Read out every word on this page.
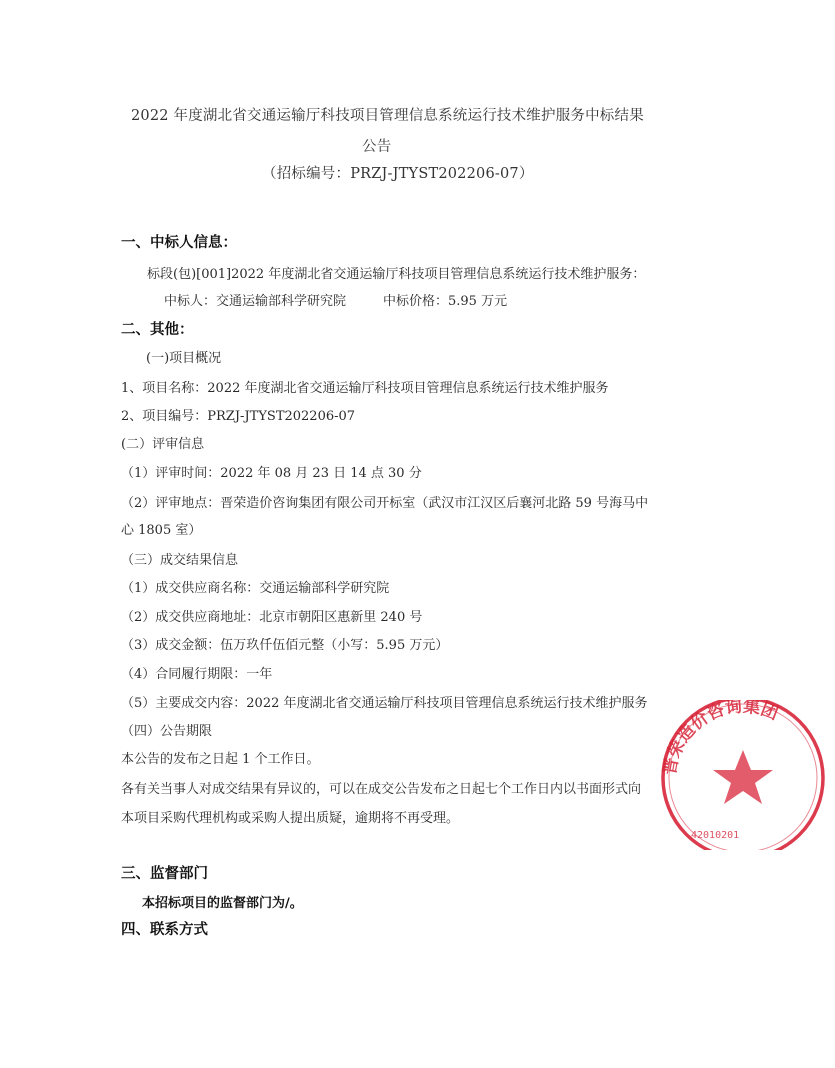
2022 年度湖北省交通运输厅科技项目管理信息系统运行技术维护服务中标结果
公告
（招标编号：PRZJ-JTYST202206-07）
一、中标人信息：
标段(包)[001]2022 年度湖北省交通运输厅科技项目管理信息系统运行技术维护服务：
中标人：交通运输部科学研究院	中标价格：5.95 万元
二、其他：
(一)项目概况
1、项目名称：2022 年度湖北省交通运输厅科技项目管理信息系统运行技术维护服务
2、项目编号：PRZJ-JTYST202206-07
(二）评审信息
（1）评审时间：2022 年 08 月 23 日 14 点 30 分
（2）评审地点：晋荣造价咨询集团有限公司开标室（武汉市江汉区后襄河北路 59 号海马中
心 1805 室）
（三）成交结果信息
（1）成交供应商名称：交通运输部科学研究院
（2）成交供应商地址：北京市朝阳区惠新里 240 号
（3）成交金额：伍万玖仟伍佰元整（小写：5.95 万元）
（4）合同履行期限：一年
（5）主要成交内容：2022 年度湖北省交通运输厅科技项目管理信息系统运行技术维护服务
（四）公告期限
本公告的发布之日起 1 个工作日。
各有关当事人对成交结果有异议的，可以在成交公告发布之日起七个工作日内以书面形式向
本项目采购代理机构或采购人提出质疑，逾期将不再受理。
三、监督部门
本招标项目的监督部门为/。
四、联系方式
晋荣造价咨询集团
42010201
